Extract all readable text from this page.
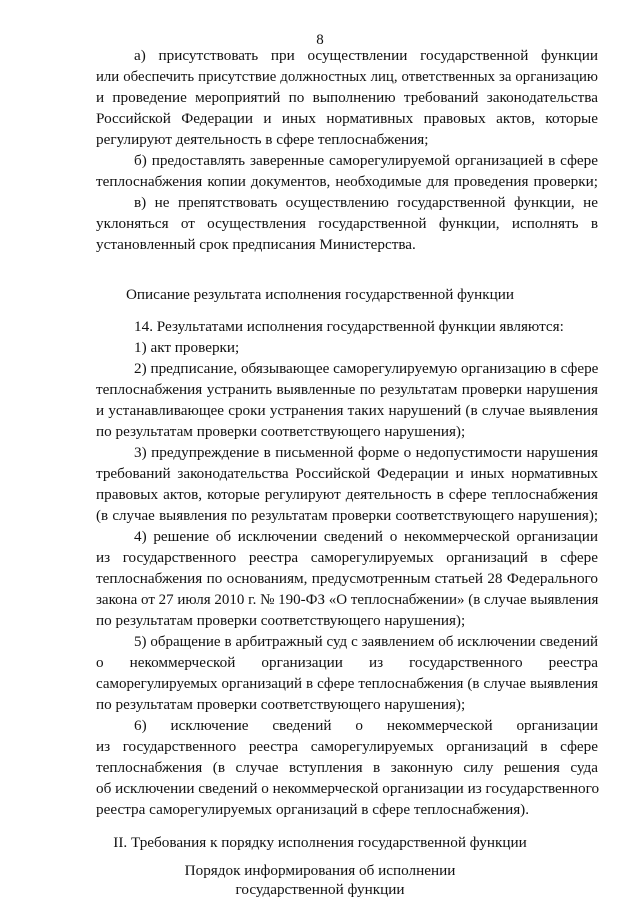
8
а) присутствовать при осуществлении государственной функции
или обеспечить присутствие должностных лиц, ответственных за организацию
и проведение мероприятий по выполнению требований законодательства
Российской Федерации и иных нормативных правовых актов, которые
регулируют деятельность в сфере теплоснабжения;
б) предоставлять заверенные саморегулируемой организацией в сфере
теплоснабжения копии документов, необходимые для проведения проверки;
в) не препятствовать осуществлению государственной функции, не
уклоняться от осуществления государственной функции, исполнять в
установленный срок предписания Министерства.
Описание результата исполнения государственной функции
14. Результатами исполнения государственной функции являются:
1) акт проверки;
2) предписание, обязывающее саморегулируемую организацию в сфере
теплоснабжения устранить выявленные по результатам проверки нарушения
и устанавливающее сроки устранения таких нарушений (в случае выявления
по результатам проверки соответствующего нарушения);
3) предупреждение в письменной форме о недопустимости нарушения
требований законодательства Российской Федерации и иных нормативных
правовых актов, которые регулируют деятельность в сфере теплоснабжения
(в случае выявления по результатам проверки соответствующего нарушения);
4) решение об исключении сведений о некоммерческой организации
из государственного реестра саморегулируемых организаций в сфере
теплоснабжения по основаниям, предусмотренным статьей 28 Федерального
закона от 27 июля 2010 г. № 190-ФЗ «О теплоснабжении» (в случае выявления
по результатам проверки соответствующего нарушения);
5) обращение в арбитражный суд с заявлением об исключении сведений
о некоммерческой организации из государственного реестра
саморегулируемых организаций в сфере теплоснабжения (в случае выявления
по результатам проверки соответствующего нарушения);
6) исключение сведений о некоммерческой организации
из государственного реестра саморегулируемых организаций в сфере
теплоснабжения (в случае вступления в законную силу решения суда
об исключении сведений о некоммерческой организации из государственного
реестра саморегулируемых организаций в сфере теплоснабжения).
II. Требования к порядку исполнения государственной функции
Порядок информирования об исполнении
государственной функции
